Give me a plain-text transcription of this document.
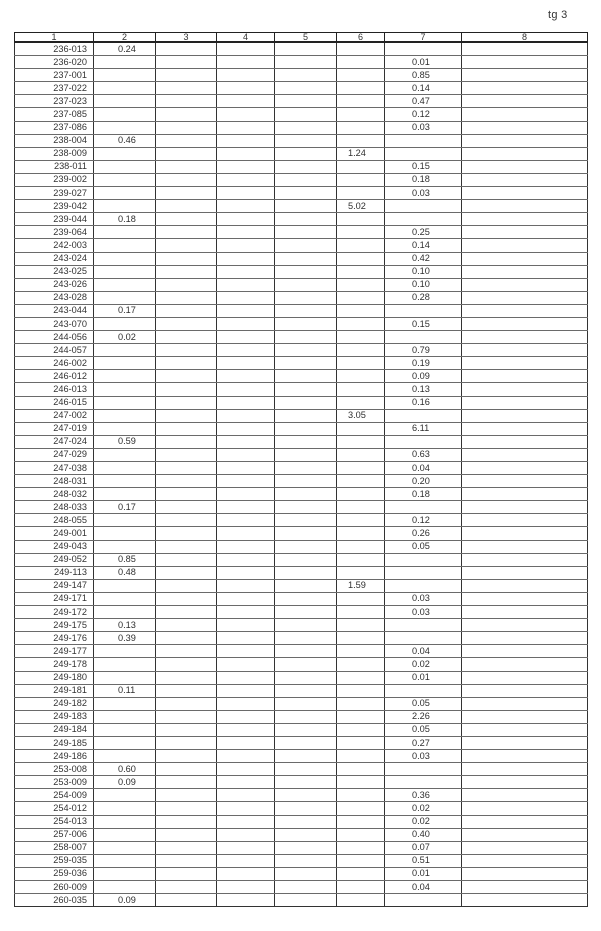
tg 3
1	2	3	4	5	6	7	8
236-013	0.24						
236-020						0.01	
237-001						0.85	
237-022						0.14	
237-023						0.47	
237-085						0.12	
237-086						0.03	
238-004	0.46						
238-009					1.24		
238-011						0.15	
239-002						0.18	
239-027						0.03	
239-042					5.02		
239-044	0.18						
239-064						0.25	
242-003						0.14	
243-024						0.42	
243-025						0.10	
243-026						0.10	
243-028						0.28	
243-044	0.17						
243-070						0.15	
244-056	0.02						
244-057						0.79	
246-002						0.19	
246-012						0.09	
246-013						0.13	
246-015						0.16	
247-002					3.05		
247-019						6.11	
247-024	0.59						
247-029						0.63	
247-038						0.04	
248-031						0.20	
248-032						0.18	
248-033	0.17						
248-055						0.12	
249-001						0.26	
249-043						0.05	
249-052	0.85						
249-113	0.48						
249-147					1.59		
249-171						0.03	
249-172						0.03	
249-175	0.13						
249-176	0.39						
249-177						0.04	
249-178						0.02	
249-180						0.01	
249-181	0.11						
249-182						0.05	
249-183						2.26	
249-184						0.05	
249-185						0.27	
249-186						0.03	
253-008	0.60						
253-009	0.09						
254-009						0.36	
254-012						0.02	
254-013						0.02	
257-006						0.40	
258-007						0.07	
259-035						0.51	
259-036						0.01	
260-009						0.04	
260-035	0.09						
